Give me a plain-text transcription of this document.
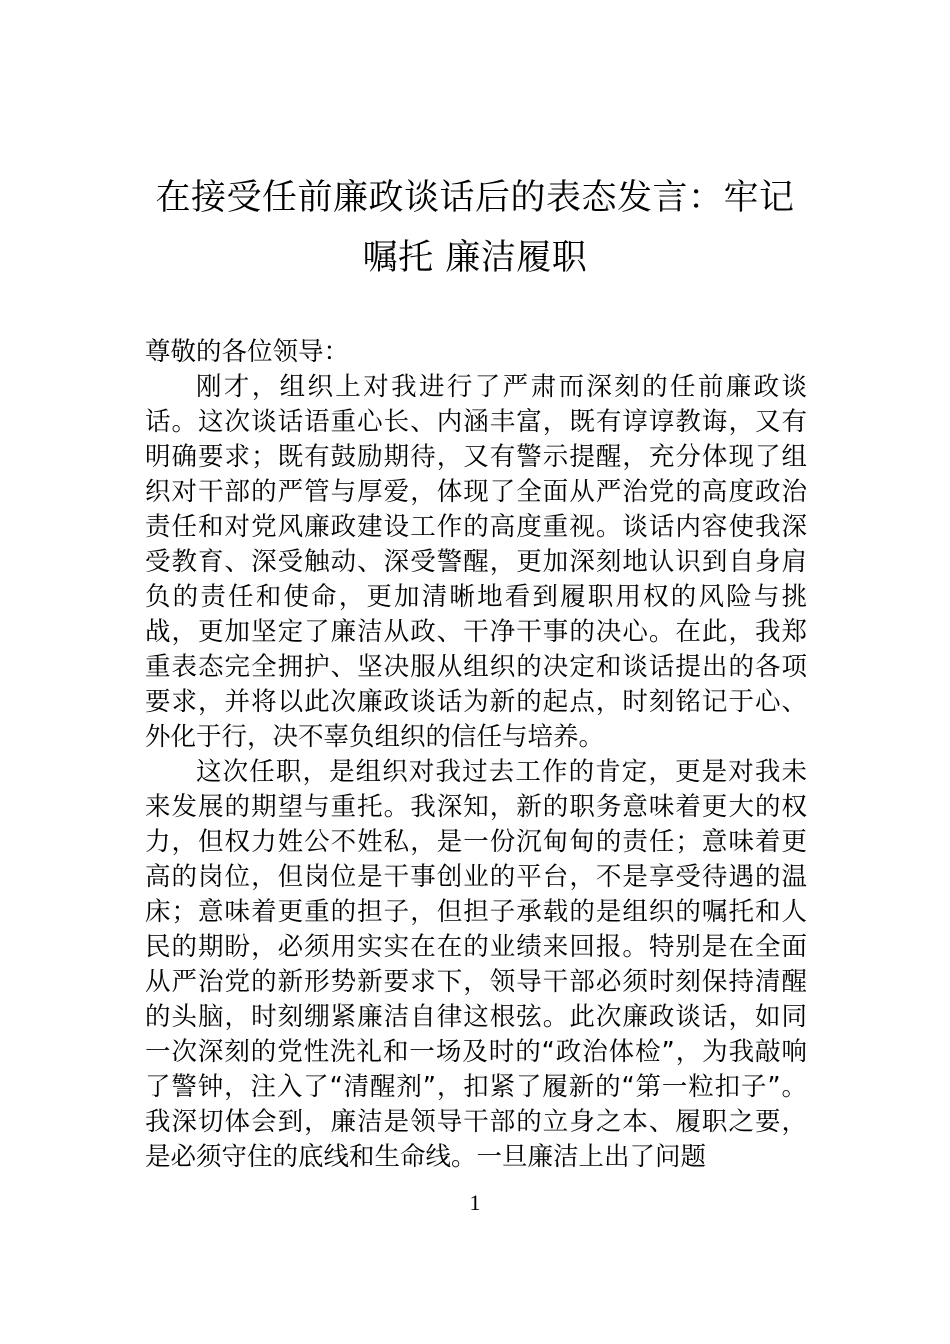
在接受任前廉政谈话后的表态发言：牢记
嘱托 廉洁履职

尊敬的各位领导：

刚才，组织上对我进行了严肃而深刻的任前廉政谈话。这次谈话语重心长、内涵丰富，既有谆谆教诲，又有明确要求；既有鼓励期待，又有警示提醒，充分体现了组织对干部的严管与厚爱，体现了全面从严治党的高度政治责任和对党风廉政建设工作的高度重视。谈话内容使我深受教育、深受触动、深受警醒，更加深刻地认识到自身肩负的责任和使命，更加清晰地看到履职用权的风险与挑战，更加坚定了廉洁从政、干净干事的决心。在此，我郑重表态完全拥护、坚决服从组织的决定和谈话提出的各项要求，并将以此次廉政谈话为新的起点，时刻铭记于心、外化于行，决不辜负组织的信任与培养。

这次任职，是组织对我过去工作的肯定，更是对我未来发展的期望与重托。我深知，新的职务意味着更大的权力，但权力姓公不姓私，是一份沉甸甸的责任；意味着更高的岗位，但岗位是干事创业的平台，不是享受待遇的温床；意味着更重的担子，但担子承载的是组织的嘱托和人民的期盼，必须用实实在在的业绩来回报。特别是在全面从严治党的新形势新要求下，领导干部必须时刻保持清醒的头脑，时刻绷紧廉洁自律这根弦。此次廉政谈话，如同一次深刻的党性洗礼和一场及时的“政治体检”，为我敲响了警钟，注入了“清醒剂”，扣紧了履新的“第一粒扣子”。我深切体会到，廉洁是领导干部的立身之本、履职之要，是必须守住的底线和生命线。一旦廉洁上出了问题

1
